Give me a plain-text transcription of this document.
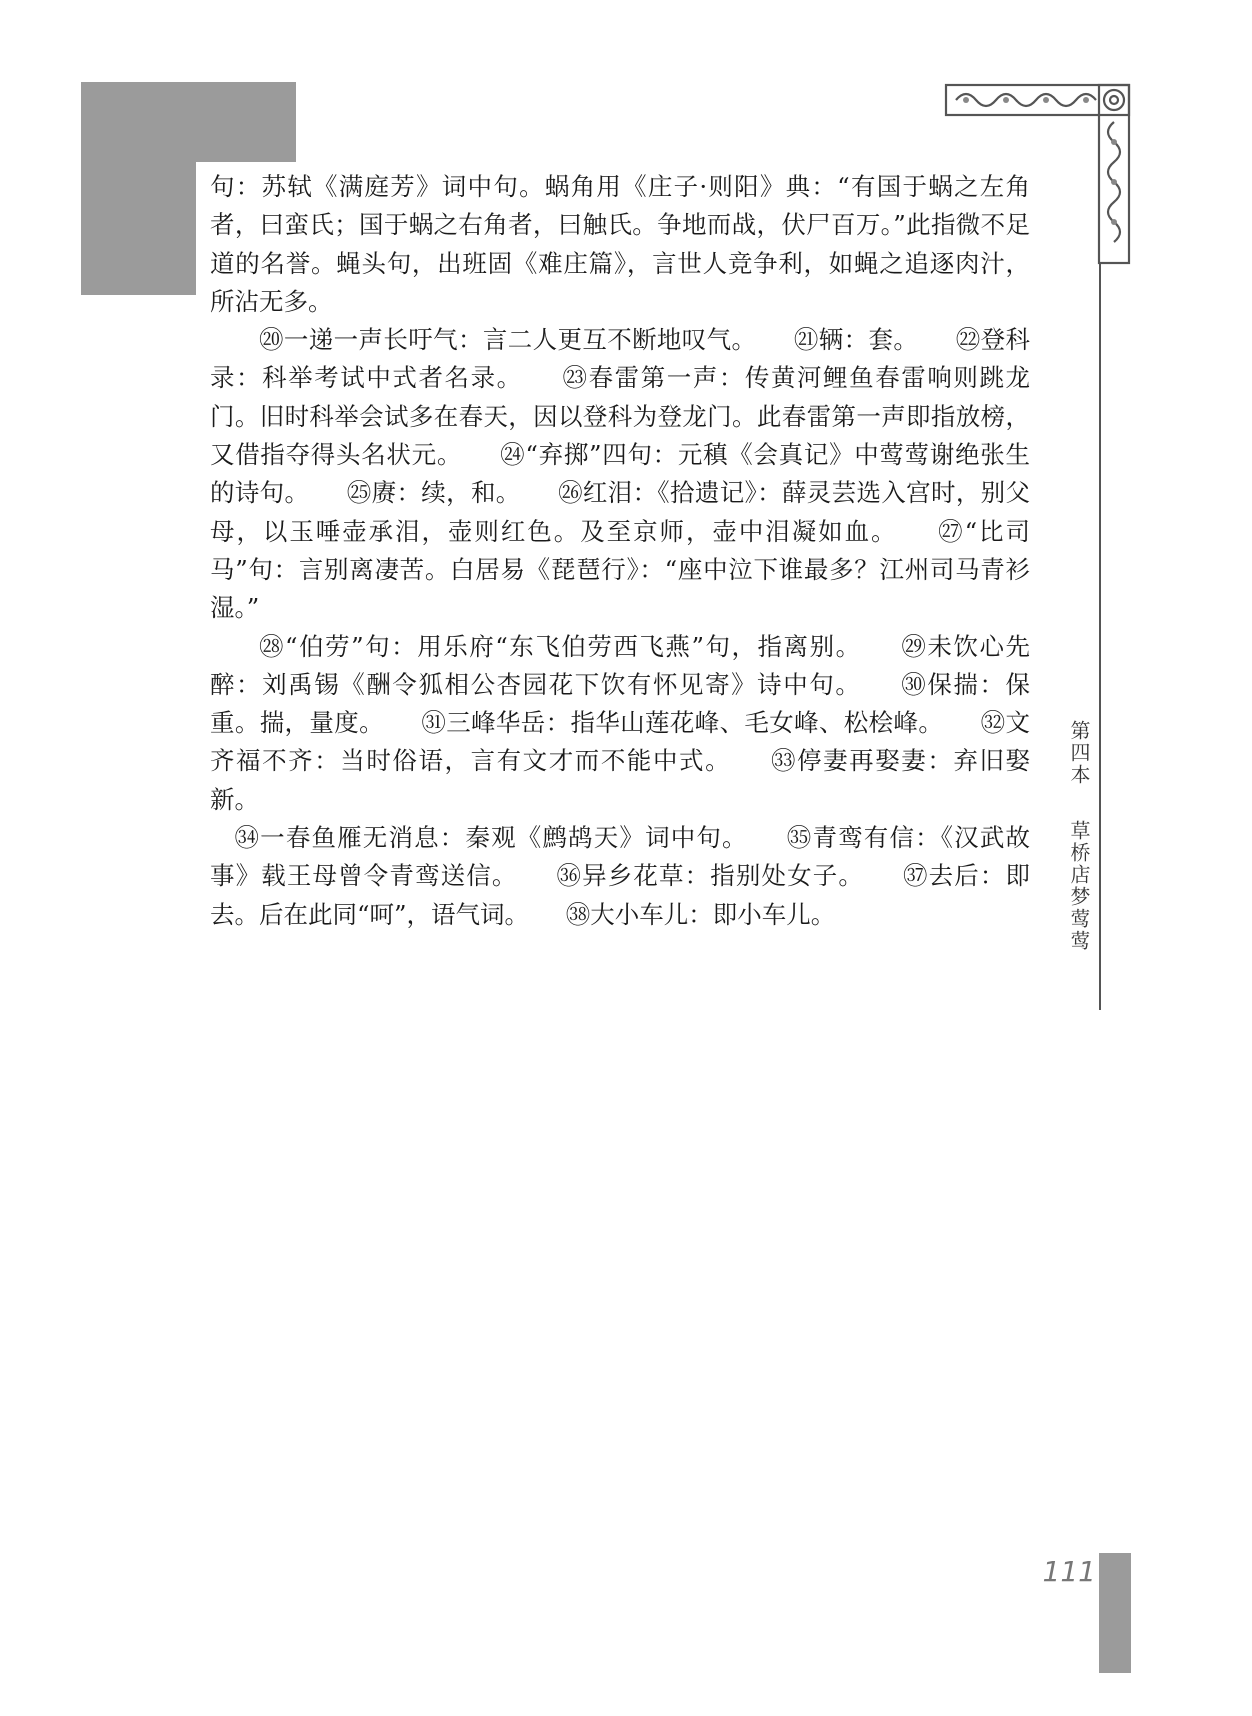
第四本 草桥店梦莺莺

句：苏轼《满庭芳》词中句。蜗角用《庄子·则阳》典：“有国于蜗之左角者，曰蛮氏；国于蜗之右角者，曰触氏。争地而战，伏尸百万。”此指微不足道的名誉。蝇头句，出班固《难庄篇》，言世人竞争利，如蝇之追逐肉汁，所沾无多。

⑳一递一声长吁气：言二人更互不断地叹气。　　㉑辆：套。　　㉒登科录：科举考试中式者名录。　　㉓春雷第一声：传黄河鲤鱼春雷响则跳龙门。旧时科举会试多在春天，因以登科为登龙门。此春雷第一声即指放榜，又借指夺得头名状元。　　㉔“弃掷”四句：元稹《会真记》中莺莺谢绝张生的诗句。　　㉕赓：续，和。　　㉖红泪：《拾遗记》：薛灵芸选入宫时，别父母，以玉唾壶承泪，壶则红色。及至京师，壶中泪凝如血。　　㉗“比司马”句：言别离凄苦。白居易《琵琶行》：“座中泣下谁最多？江州司马青衫湿。”

㉘“伯劳”句：用乐府“东飞伯劳西飞燕”句，指离别。　　㉙未饮心先醉：刘禹锡《酬令狐相公杏园花下饮有怀见寄》诗中句。　　㉚保揣：保重。揣，量度。　　㉛三峰华岳：指华山莲花峰、毛女峰、松桧峰。　　㉜文齐福不齐：当时俗语，言有文才而不能中式。　　㉝停妻再娶妻：弃旧娶新。

㉞一春鱼雁无消息：秦观《鹧鸪天》词中句。　　㉟青鸾有信：《汉武故事》载王母曾令青鸾送信。　　㊱异乡花草：指别处女子。　　㊲去后：即去。后在此同“呵”，语气词。　　㊳大小车儿：即小车儿。

111
